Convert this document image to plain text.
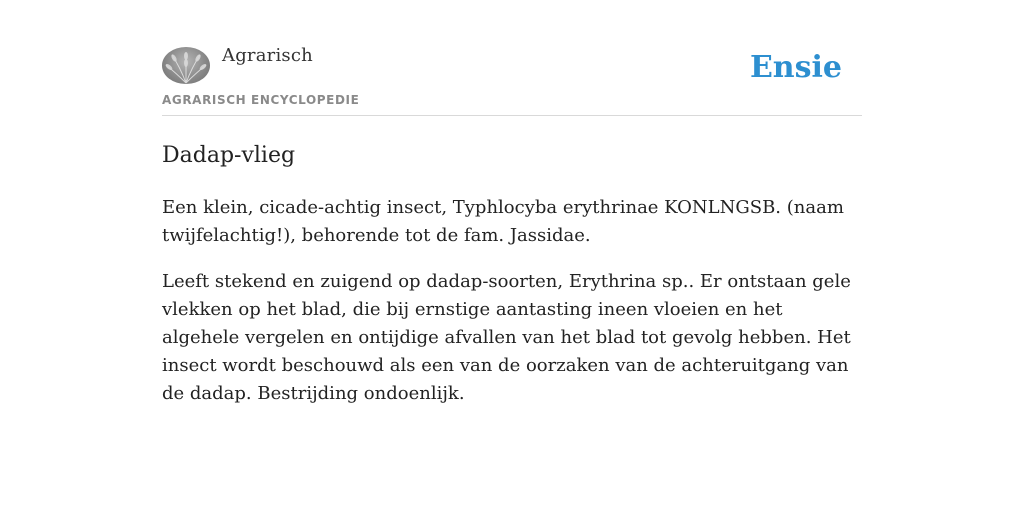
Agrarisch
AGRARISCH ENCYCLOPEDIE
Ensie
Dadap-vlieg

Een klein, cicade-achtig insect, Typhlocyba erythrinae KONLNGSB. (naam twijfelachtig!), behorende tot de fam. Jassidae.

Leeft stekend en zuigend op dadap-soorten, Erythrina sp.. Er ontstaan gele vlekken op het blad, die bij ernstige aantasting ineen vloeien en het algehele vergelen en ontijdige afvallen van het blad tot gevolg hebben. Het insect wordt beschouwd als een van de oorzaken van de achteruitgang van de dadap. Bestrijding ondoenlijk.
